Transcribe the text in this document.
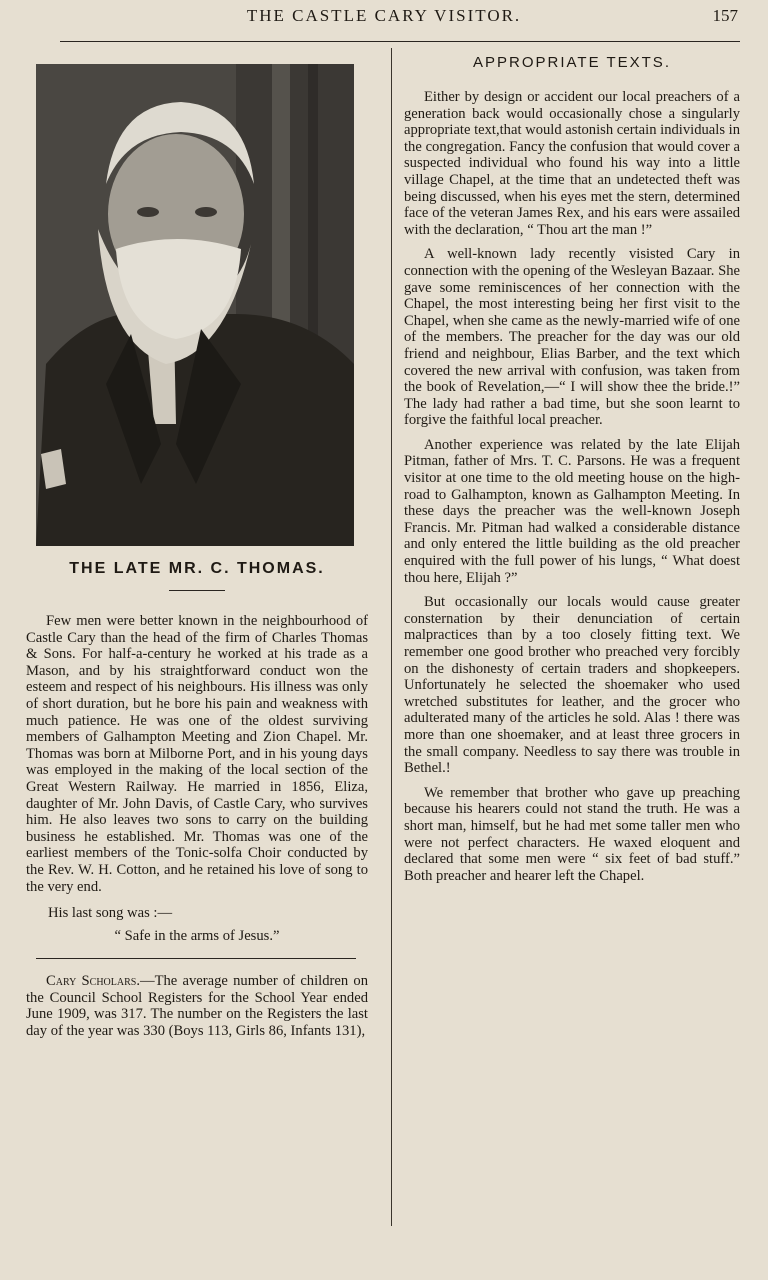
THE CASTLE CARY VISITOR.	157
THE LATE MR. C. THOMAS.

Few men were better known in the neighbourhood of Castle Cary than the head of the firm of Charles Thomas & Sons. For half-a-century he worked at his trade as a Mason, and by his straightforward conduct won the esteem and respect of his neighbours. His illness was only of short duration, but he bore his pain and weakness with much patience. He was one of the oldest surviving members of Galhampton Meeting and Zion Chapel. Mr. Thomas was born at Milborne Port, and in his young days was employed in the making of the local section of the Great Western Railway. He married in 1856, Eliza, daughter of Mr. John Davis, of Castle Cary, who survives him. He also leaves two sons to carry on the building business he established. Mr. Thomas was one of the earliest members of the Tonic-solfa Choir conducted by the Rev. W. H. Cotton, and he retained his love of song to the very end.

His last song was :—

“ Safe in the arms of Jesus.”

Cary Scholars.—The average number of children on the Council School Registers for the School Year ended June 1909, was 317. The number on the Registers the last day of the year was 330 (Boys 113, Girls 86, Infants 131),

APPROPRIATE TEXTS.

Either by design or accident our local preachers of a generation back would occasionally chose a singularly appropriate text,that would astonish certain individuals in the congregation. Fancy the confusion that would cover a suspected individual who found his way into a little village Chapel, at the time that an undetected theft was being discussed, when his eyes met the stern, determined face of the veteran James Rex, and his ears were assailed with the declaration, “ Thou art the man !”

A well-known lady recently visisted Cary in connection with the opening of the Wesleyan Bazaar. She gave some reminiscences of her connection with the Chapel, the most interesting being her first visit to the Chapel, when she came as the newly-married wife of one of the members. The preacher for the day was our old friend and neighbour, Elias Barber, and the text which covered the new arrival with confusion, was taken from the book of Revelation,—“ I will show thee the bride.!” The lady had rather a bad time, but she soon learnt to forgive the faithful local preacher.

Another experience was related by the late Elijah Pitman, father of Mrs. T. C. Parsons. He was a frequent visitor at one time to the old meeting house on the high-road to Galhampton, known as Galhampton Meeting. In these days the preacher was the well-known Joseph Francis. Mr. Pitman had walked a considerable distance and only entered the little building as the old preacher enquired with the full power of his lungs, “ What doest thou here, Elijah ?”

But occasionally our locals would cause greater consternation by their denunciation of certain malpractices than by a too closely fitting text. We remember one good brother who preached very forcibly on the dishonesty of certain traders and shopkeepers. Unfortunately he selected the shoemaker who used wretched substitutes for leather, and the grocer who adulterated many of the articles he sold. Alas ! there was more than one shoemaker, and at least three grocers in the small company. Needless to say there was trouble in Bethel.!

We remember that brother who gave up preaching because his hearers could not stand the truth. He was a short man, himself, but he had met some taller men who were not perfect characters. He waxed eloquent and declared that some men were “ six feet of bad stuff.” Both preacher and hearer left the Chapel.
